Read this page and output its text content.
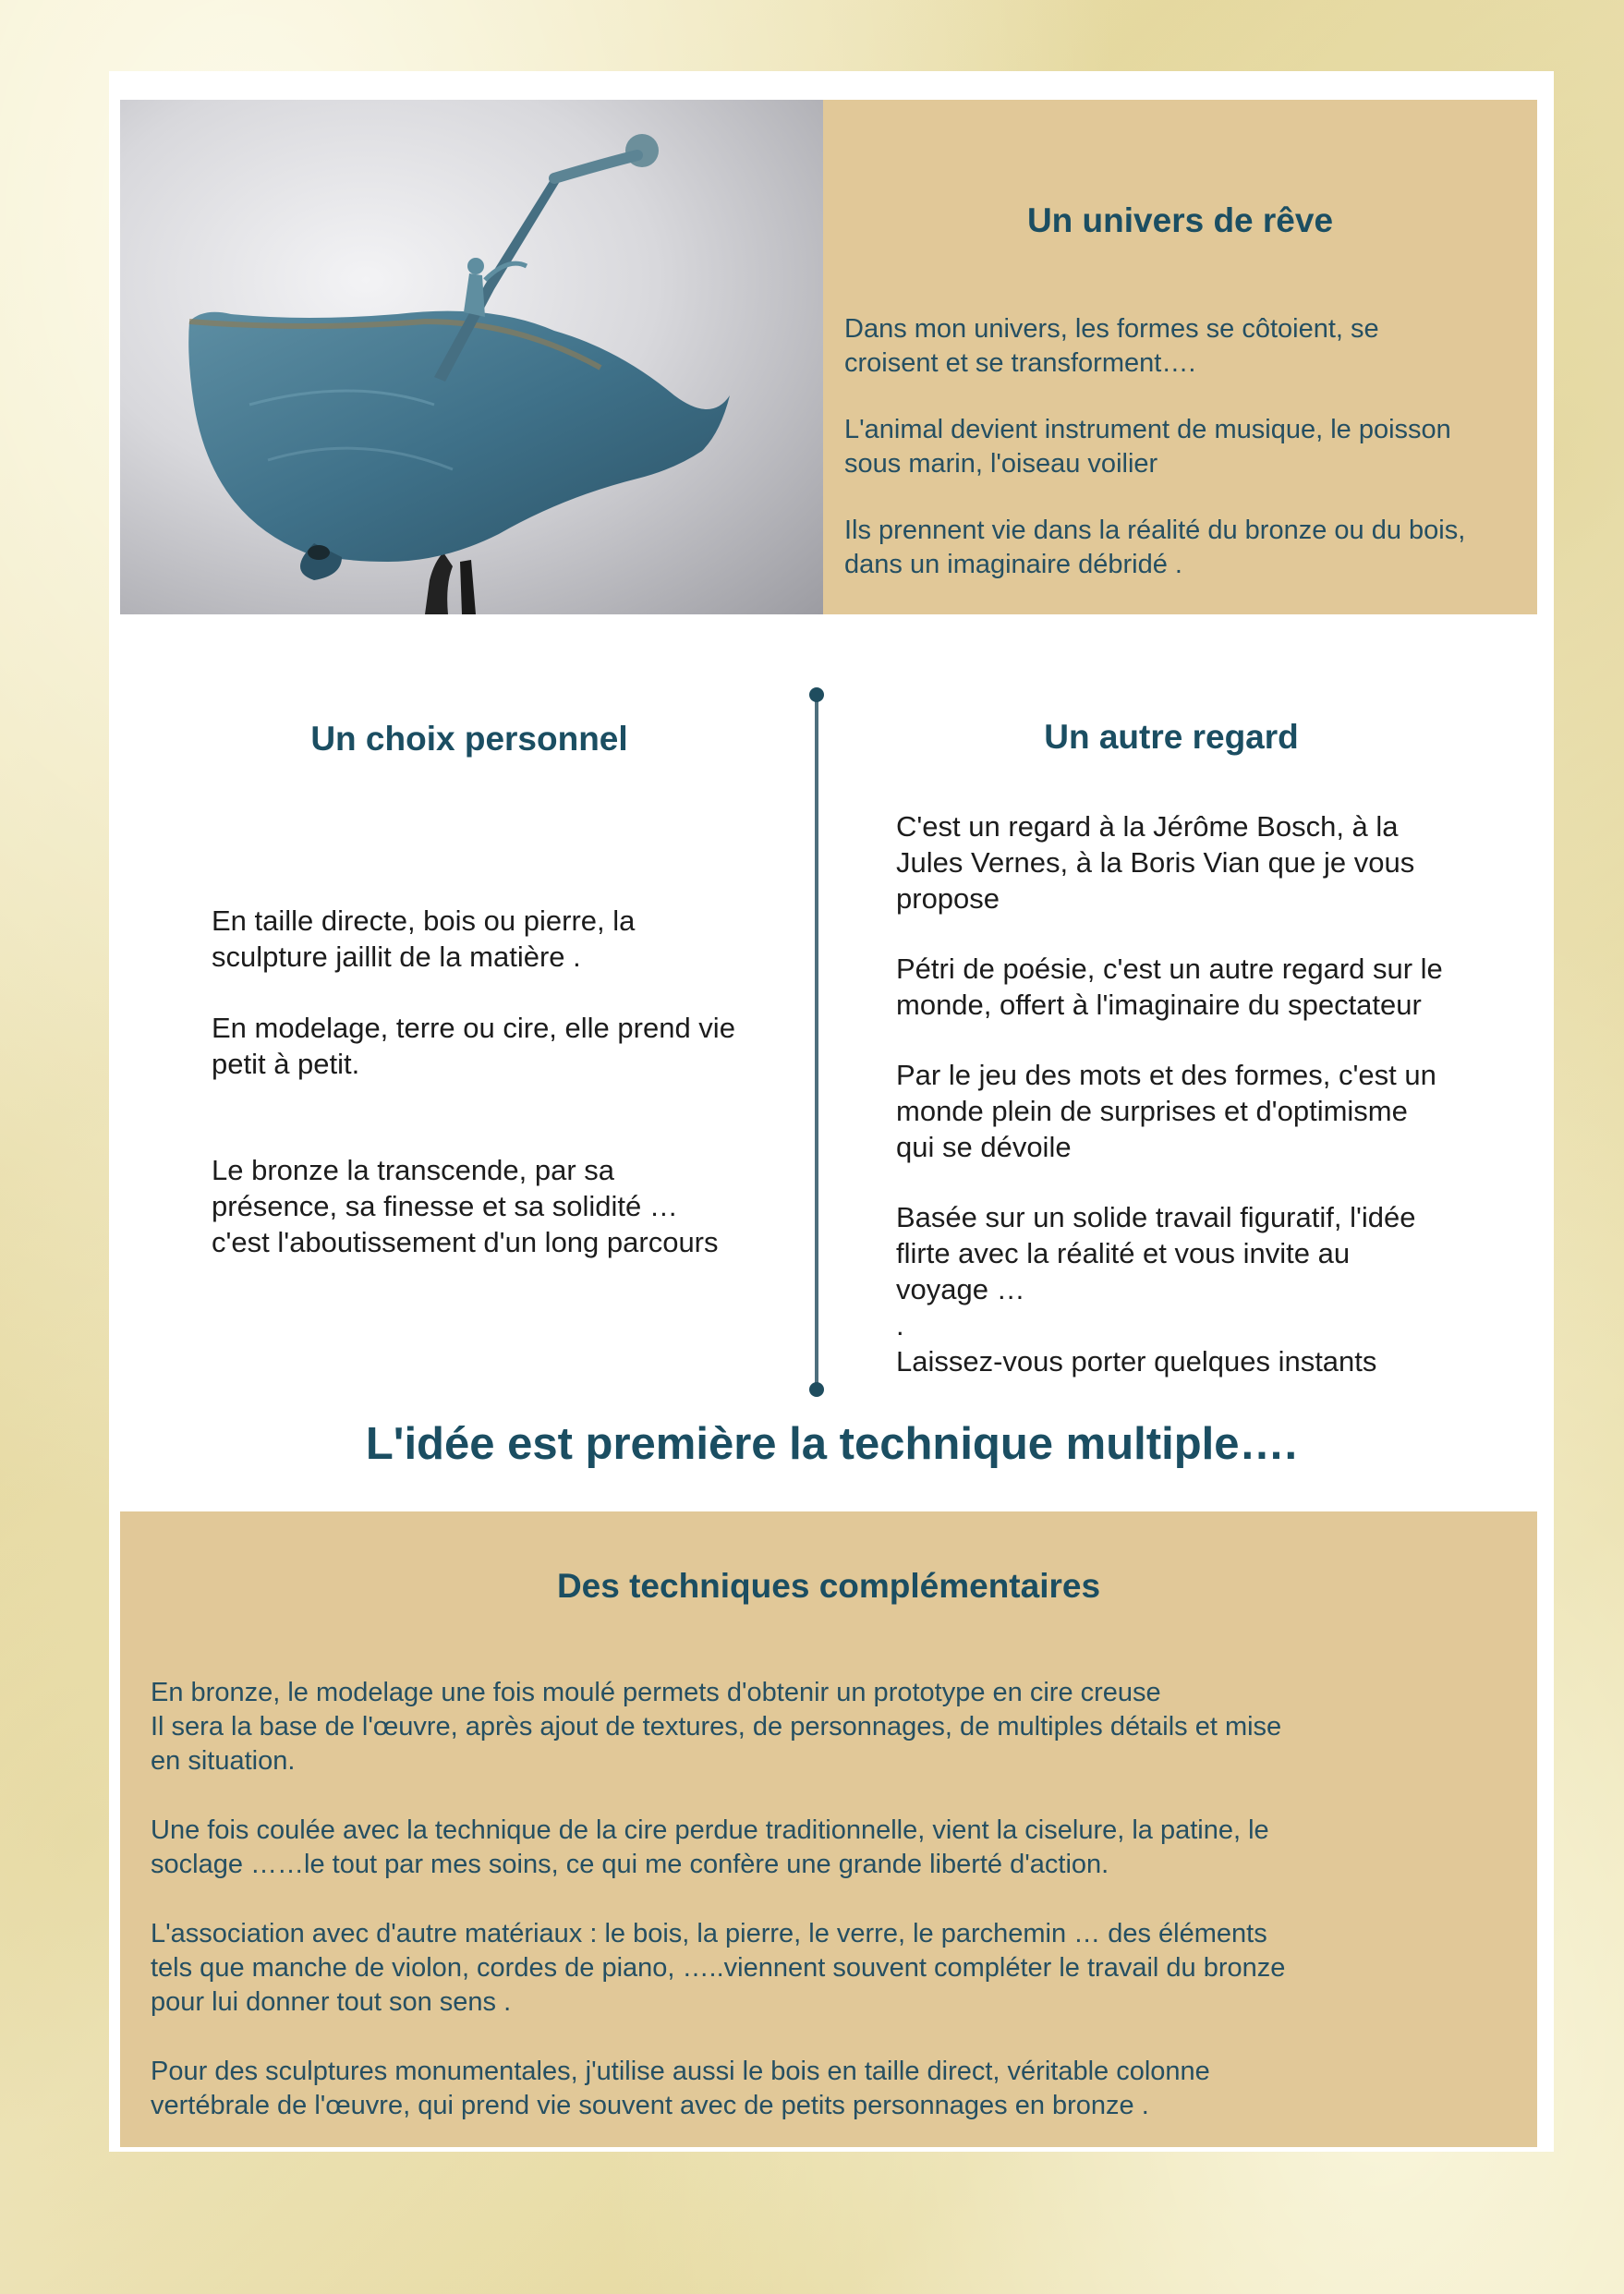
Un univers de rêve

Dans mon univers, les formes se côtoient, se
croisent et se transforment….

L'animal devient instrument de musique, le poisson
sous marin, l'oiseau voilier

Ils prennent vie dans la réalité du bronze ou du bois,
dans un imaginaire débridé .

Un choix personnel

En taille directe, bois ou pierre, la
sculpture jaillit de la matière .

En modelage, terre ou cire, elle prend vie
petit à petit.

Le bronze la transcende, par sa
présence, sa finesse et sa solidité …
c'est l'aboutissement d'un long parcours

Un autre regard

C'est un regard à la Jérôme Bosch, à la
Jules Vernes, à la Boris Vian que je vous
propose

Pétri de poésie, c'est un autre regard sur le
monde, offert à l'imaginaire du spectateur

Par le jeu des mots et des formes, c'est un
monde plein de surprises et d'optimisme
qui se dévoile

Basée sur un solide travail figuratif, l'idée
flirte avec la réalité et vous invite au
voyage …
.
Laissez-vous porter quelques instants

L'idée est première la technique multiple….
Des techniques complémentaires

En bronze, le modelage une fois moulé permets d'obtenir un prototype en cire creuse
Il sera la base de l'œuvre, après ajout de textures, de personnages, de multiples détails et mise
en situation.

Une fois coulée avec la technique de la cire perdue traditionnelle, vient la ciselure, la patine, le
soclage ……le tout par mes soins, ce qui me confère une grande liberté d'action.

L'association avec d'autre matériaux : le bois, la pierre, le verre, le parchemin … des éléments
tels que manche de violon, cordes de piano, …..viennent souvent compléter le travail du bronze
pour lui donner tout son sens .

Pour des sculptures monumentales, j'utilise aussi le bois en taille direct, véritable colonne
vertébrale de l'œuvre, qui prend vie souvent avec de petits personnages en bronze .
